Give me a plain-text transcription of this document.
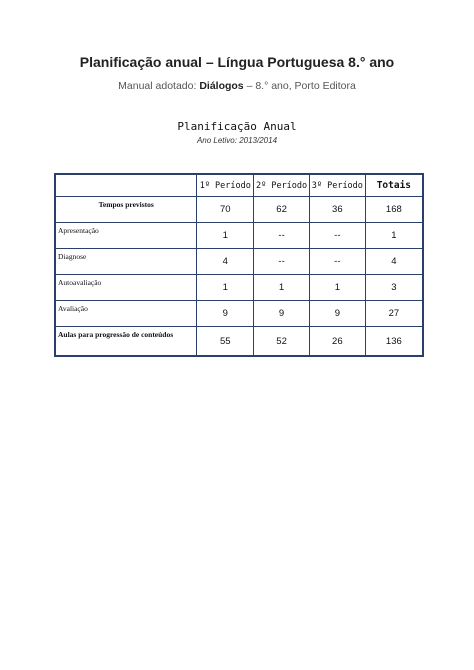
Planificação anual – Língua Portuguesa 8.° ano
Manual adotado: Diálogos – 8.° ano, Porto Editora
Planificação Anual
Ano Letivo: 2013/2014
	1º Período	2º Período	3º Período	Totais
Tempos previstos	70	62	36	168
Apresentação	1	--	--	1
Diagnose	4	--	--	4
Autoavaliação	1	1	1	3
Avaliação	9	9	9	27
Aulas para progressão de conteúdos	55	52	26	136
